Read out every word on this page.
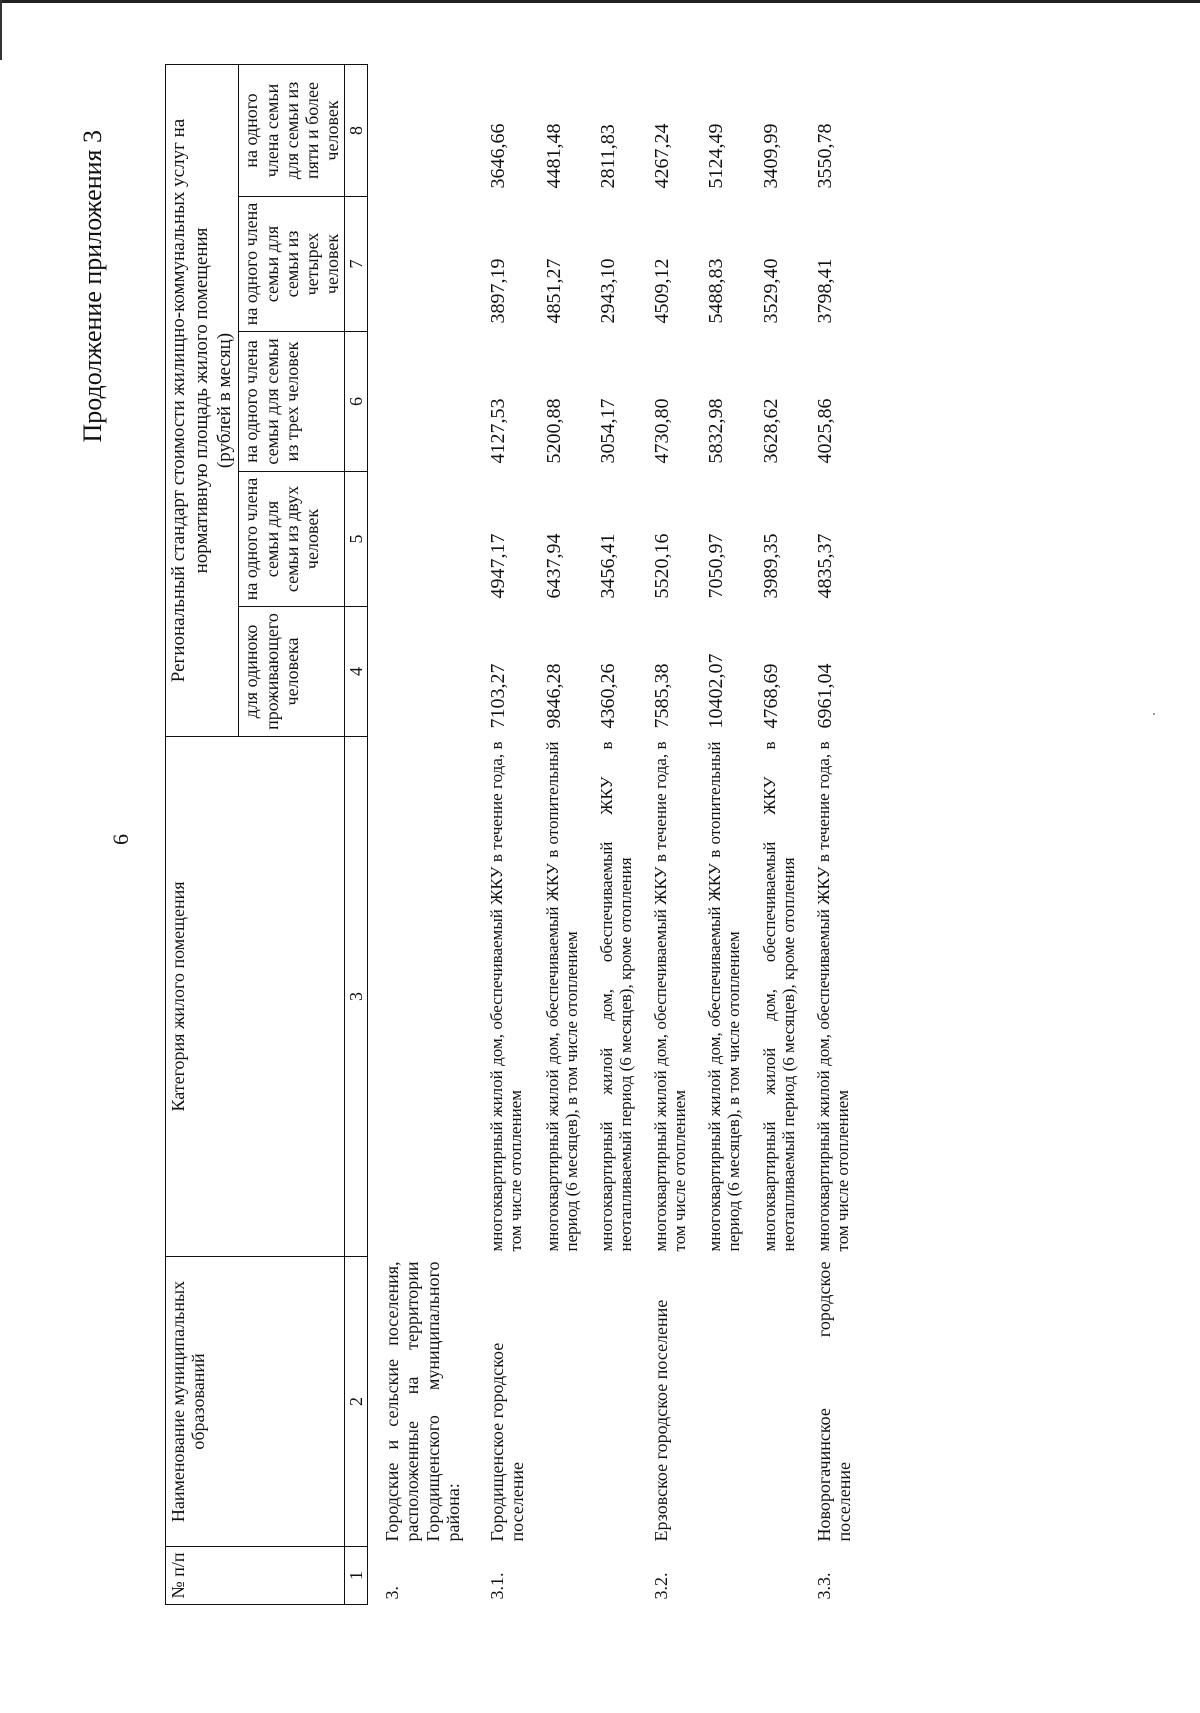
6
Продолжение приложения 3
№ п/п	Наименование муниципальных образований	Категория жилого помещения	Региональный стандарт стоимости жилищно-коммунальных услуг на нормативную площадь жилого помещения (рублей в месяц)				

			для одиноко проживающего человека	на одного члена семьи для семьи из двух человек	на одного члена семьи для семьи из трех человек	на одного члена семьи для семьи из четырех человек	на одного члена семьи для семьи из пяти и более человек
1	2	3	4	5	6	7	8
3.	Городские и сельские поселения, расположенные на территории Городищенского муниципального района:						
3.1.	Городищенское городское поселение	многоквартирный жилой дом, обеспечиваемый ЖКУ в течение года, в том числе отоплением	7103,27	4947,17	4127,53	3897,19	3646,66
		многоквартирный жилой дом, обеспечиваемый ЖКУ в отопительный период (6 месяцев), в том числе отоплением	9846,28	6437,94	5200,88	4851,27	4481,48
		многоквартирный жилой дом, обеспечиваемый ЖКУ в неотапливаемый период (6 месяцев), кроме отопления	4360,26	3456,41	3054,17	2943,10	2811,83
3.2.	Ерзовское городское поселение	многоквартирный жилой дом, обеспечиваемый ЖКУ в течение года, в том числе отоплением	7585,38	5520,16	4730,80	4509,12	4267,24
		многоквартирный жилой дом, обеспечиваемый ЖКУ в отопительный период (6 месяцев), в том числе отоплением	10402,07	7050,97	5832,98	5488,83	5124,49
		многоквартирный жилой дом, обеспечиваемый ЖКУ в неотапливаемый период (6 месяцев), кроме отопления	4768,69	3989,35	3628,62	3529,40	3409,99
3.3.	Новорогачинское городское поселение	многоквартирный жилой дом, обеспечиваемый ЖКУ в течение года, в том числе отоплением	6961,04	4835,37	4025,86	3798,41	3550,78
